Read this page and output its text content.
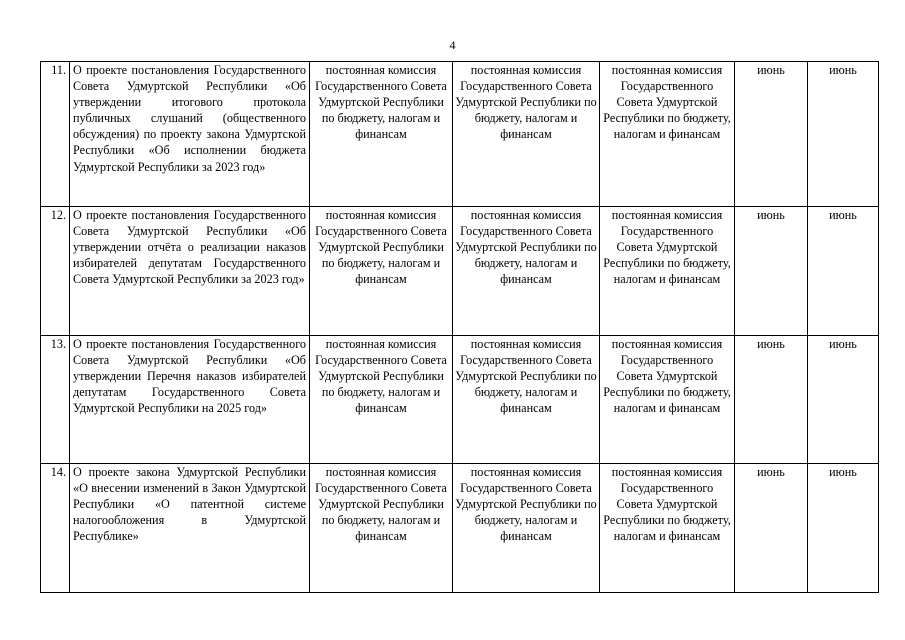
4
11.	О проекте постановления Государственного Совета Удмуртской Республики «Об утверждении итогового протокола публичных слушаний (общественного обсуждения) по проекту закона Удмуртской Республики «Об исполнении бюджета Удмуртской Республики за 2023 год»	постоянная комиссия Государственного Совета Удмуртской Республики по бюджету, налогам и финансам	постоянная комиссия Государственного Совета Удмуртской Республики по бюджету, налогам и финансам	постоянная комиссия Государственного Совета Удмуртской Республики по бюджету, налогам и финансам	июнь	июнь
12.	О проекте постановления Государственного Совета Удмуртской Республики «Об утверждении отчёта о реализации наказов избирателей депутатам Государственного Совета Удмуртской Республики за 2023 год»	постоянная комиссия Государственного Совета Удмуртской Республики по бюджету, налогам и финансам	постоянная комиссия Государственного Совета Удмуртской Республики по бюджету, налогам и финансам	постоянная комиссия Государственного Совета Удмуртской Республики по бюджету, налогам и финансам	июнь	июнь
13.	О проекте постановления Государственного Совета Удмуртской Республики «Об утверждении Перечня наказов избирателей депутатам Государственного Совета Удмуртской Республики на 2025 год»	постоянная комиссия Государственного Совета Удмуртской Республики по бюджету, налогам и финансам	постоянная комиссия Государственного Совета Удмуртской Республики по бюджету, налогам и финансам	постоянная комиссия Государственного Совета Удмуртской Республики по бюджету, налогам и финансам	июнь	июнь
14.	О проекте закона Удмуртской Республики «О внесении изменений в Закон Удмуртской Республики «О патентной системе налогообложения в Удмуртской Республике»	постоянная комиссия Государственного Совета Удмуртской Республики по бюджету, налогам и финансам	постоянная комиссия Государственного Совета Удмуртской Республики по бюджету, налогам и финансам	постоянная комиссия Государственного Совета Удмуртской Республики по бюджету, налогам и финансам	июнь	июнь
